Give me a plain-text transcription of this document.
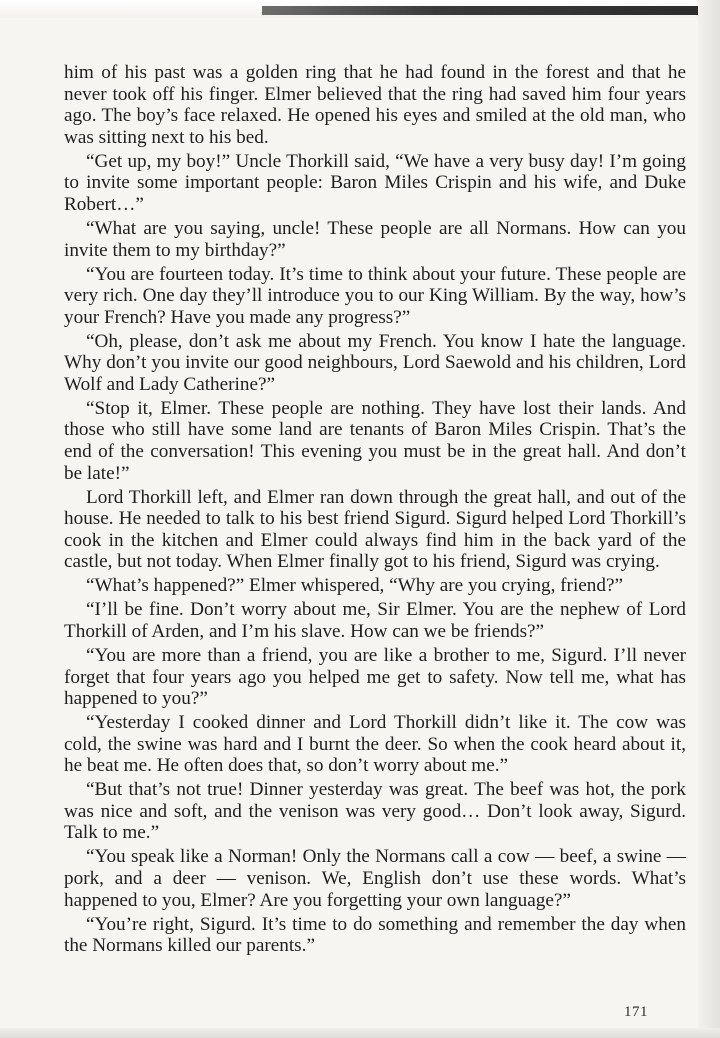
him of his past was a golden ring that he had found in the forest and that he never took off his finger. Elmer believed that the ring had saved him four years ago. The boy’s face relaxed. He opened his eyes and smiled at the old man, who was sitting next to his bed.

“Get up, my boy!” Uncle Thorkill said, “We have a very busy day! I’m going to invite some important people: Baron Miles Crispin and his wife, and Duke Robert…”

“What are you saying, uncle! These people are all Normans. How can you invite them to my birthday?”

“You are fourteen today. It’s time to think about your future. These people are very rich. One day they’ll introduce you to our King William. By the way, how’s your French? Have you made any progress?”

“Oh, please, don’t ask me about my French. You know I hate the language. Why don’t you invite our good neighbours, Lord Saewold and his children, Lord Wolf and Lady Catherine?”

“Stop it, Elmer. These people are nothing. They have lost their lands. And those who still have some land are tenants of Baron Miles Crispin. That’s the end of the conversation! This evening you must be in the great hall. And don’t be late!”

Lord Thorkill left, and Elmer ran down through the great hall, and out of the house. He needed to talk to his best friend Sigurd. Sigurd helped Lord Thorkill’s cook in the kitchen and Elmer could always find him in the back yard of the castle, but not today. When Elmer finally got to his friend, Sigurd was crying.

“What’s happened?” Elmer whispered, “Why are you crying, friend?”

“I’ll be fine. Don’t worry about me, Sir Elmer. You are the nephew of Lord Thorkill of Arden, and I’m his slave. How can we be friends?”

“You are more than a friend, you are like a brother to me, Sigurd. I’ll never forget that four years ago you helped me get to safety. Now tell me, what has happened to you?”

“Yesterday I cooked dinner and Lord Thorkill didn’t like it. The cow was cold, the swine was hard and I burnt the deer. So when the cook heard about it, he beat me. He often does that, so don’t worry about me.”

“But that’s not true! Dinner yesterday was great. The beef was hot, the pork was nice and soft, and the venison was very good… Don’t look away, Sigurd. Talk to me.”

“You speak like a Norman! Only the Normans call a cow — beef, a swine — pork, and a deer — venison. We, English don’t use these words. What’s happened to you, Elmer? Are you forgetting your own language?”

“You’re right, Sigurd. It’s time to do something and remember the day when the Normans killed our parents.”

171
